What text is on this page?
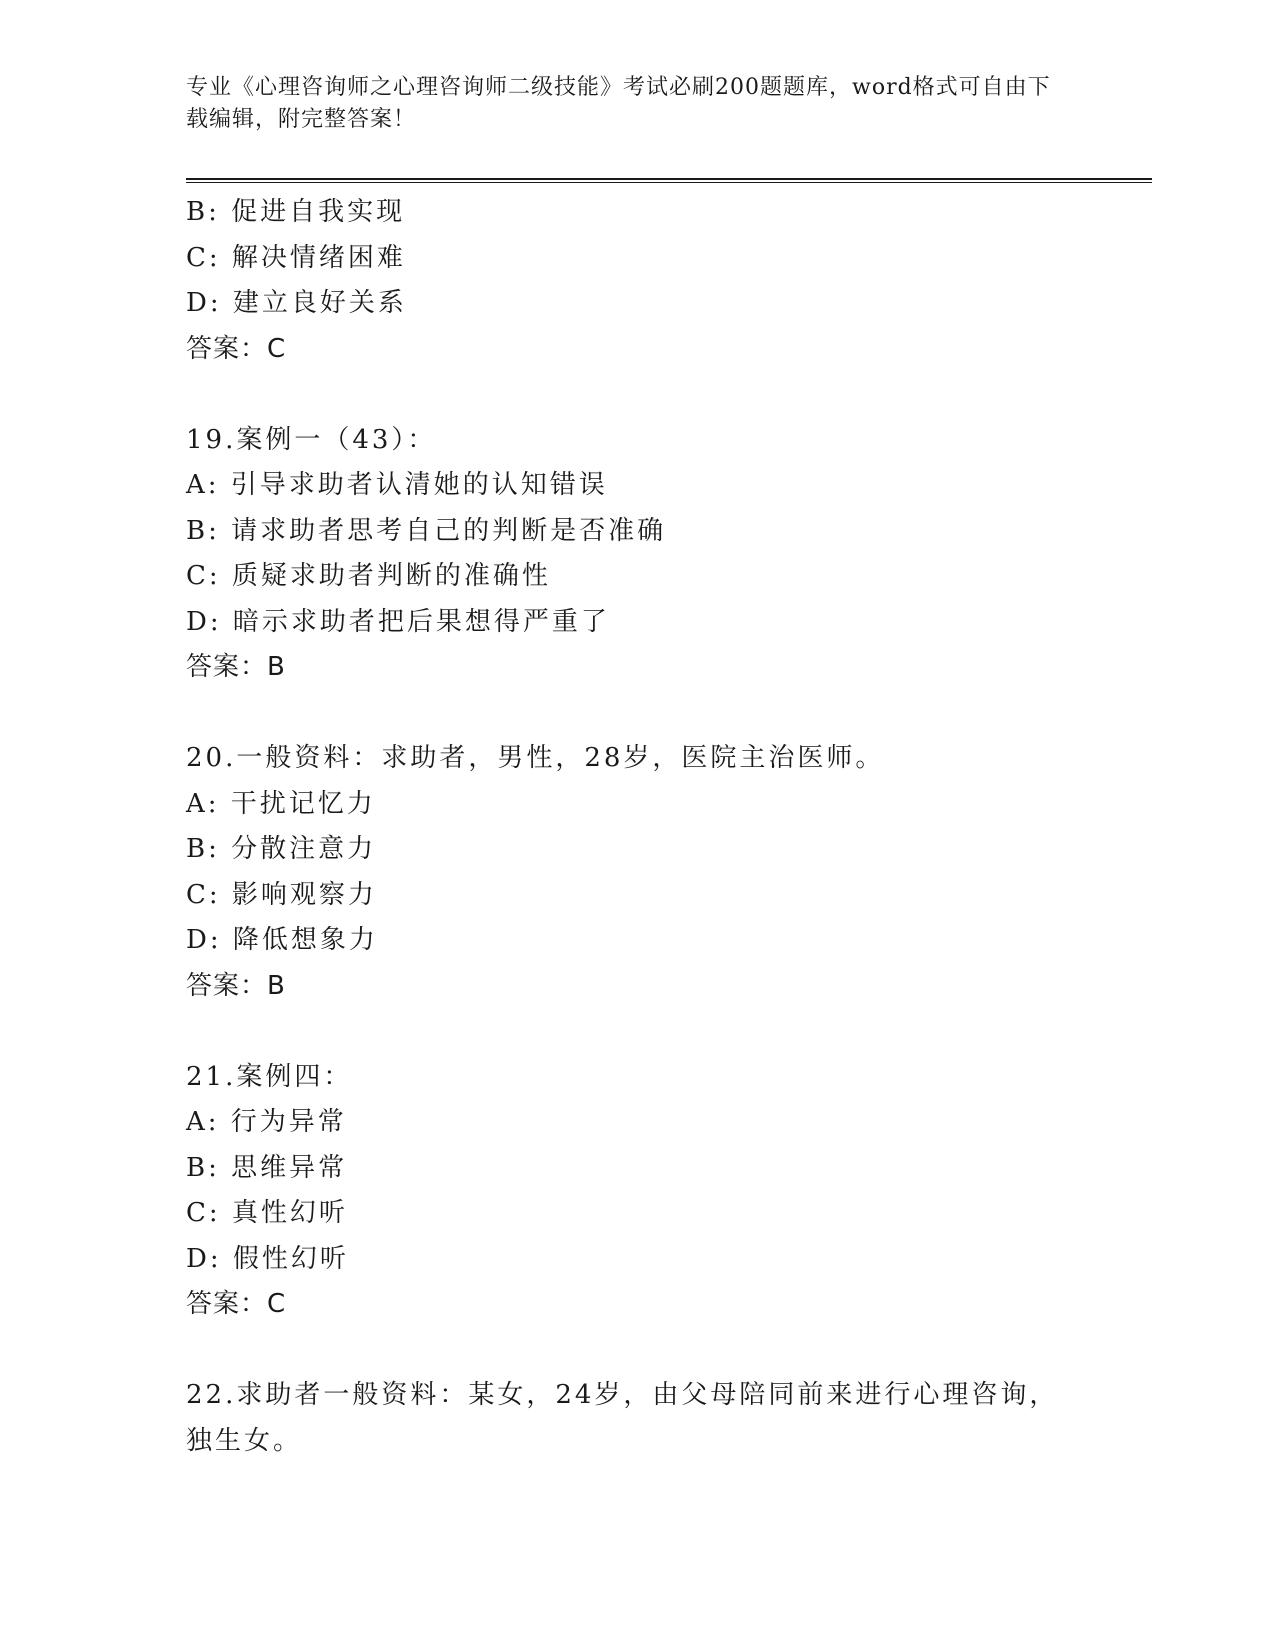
专业《心理咨询师之心理咨询师二级技能》考试必刷200题题库，word格式可自由下载编辑，附完整答案！
B: 促进自我实现
C: 解决情绪困难
D: 建立良好关系
答案：C
19.案例一（43）：
A: 引导求助者认清她的认知错误
B: 请求助者思考自己的判断是否准确
C: 质疑求助者判断的准确性
D: 暗示求助者把后果想得严重了
答案：B
20.一般资料：求助者，男性，28岁，医院主治医师。
A: 干扰记忆力
B: 分散注意力
C: 影响观察力
D: 降低想象力
答案：B
21.案例四：
A: 行为异常
B: 思维异常
C: 真性幻听
D: 假性幻听
答案：C
22.求助者一般资料：某女，24岁，由父母陪同前来进行心理咨询，独生女。
